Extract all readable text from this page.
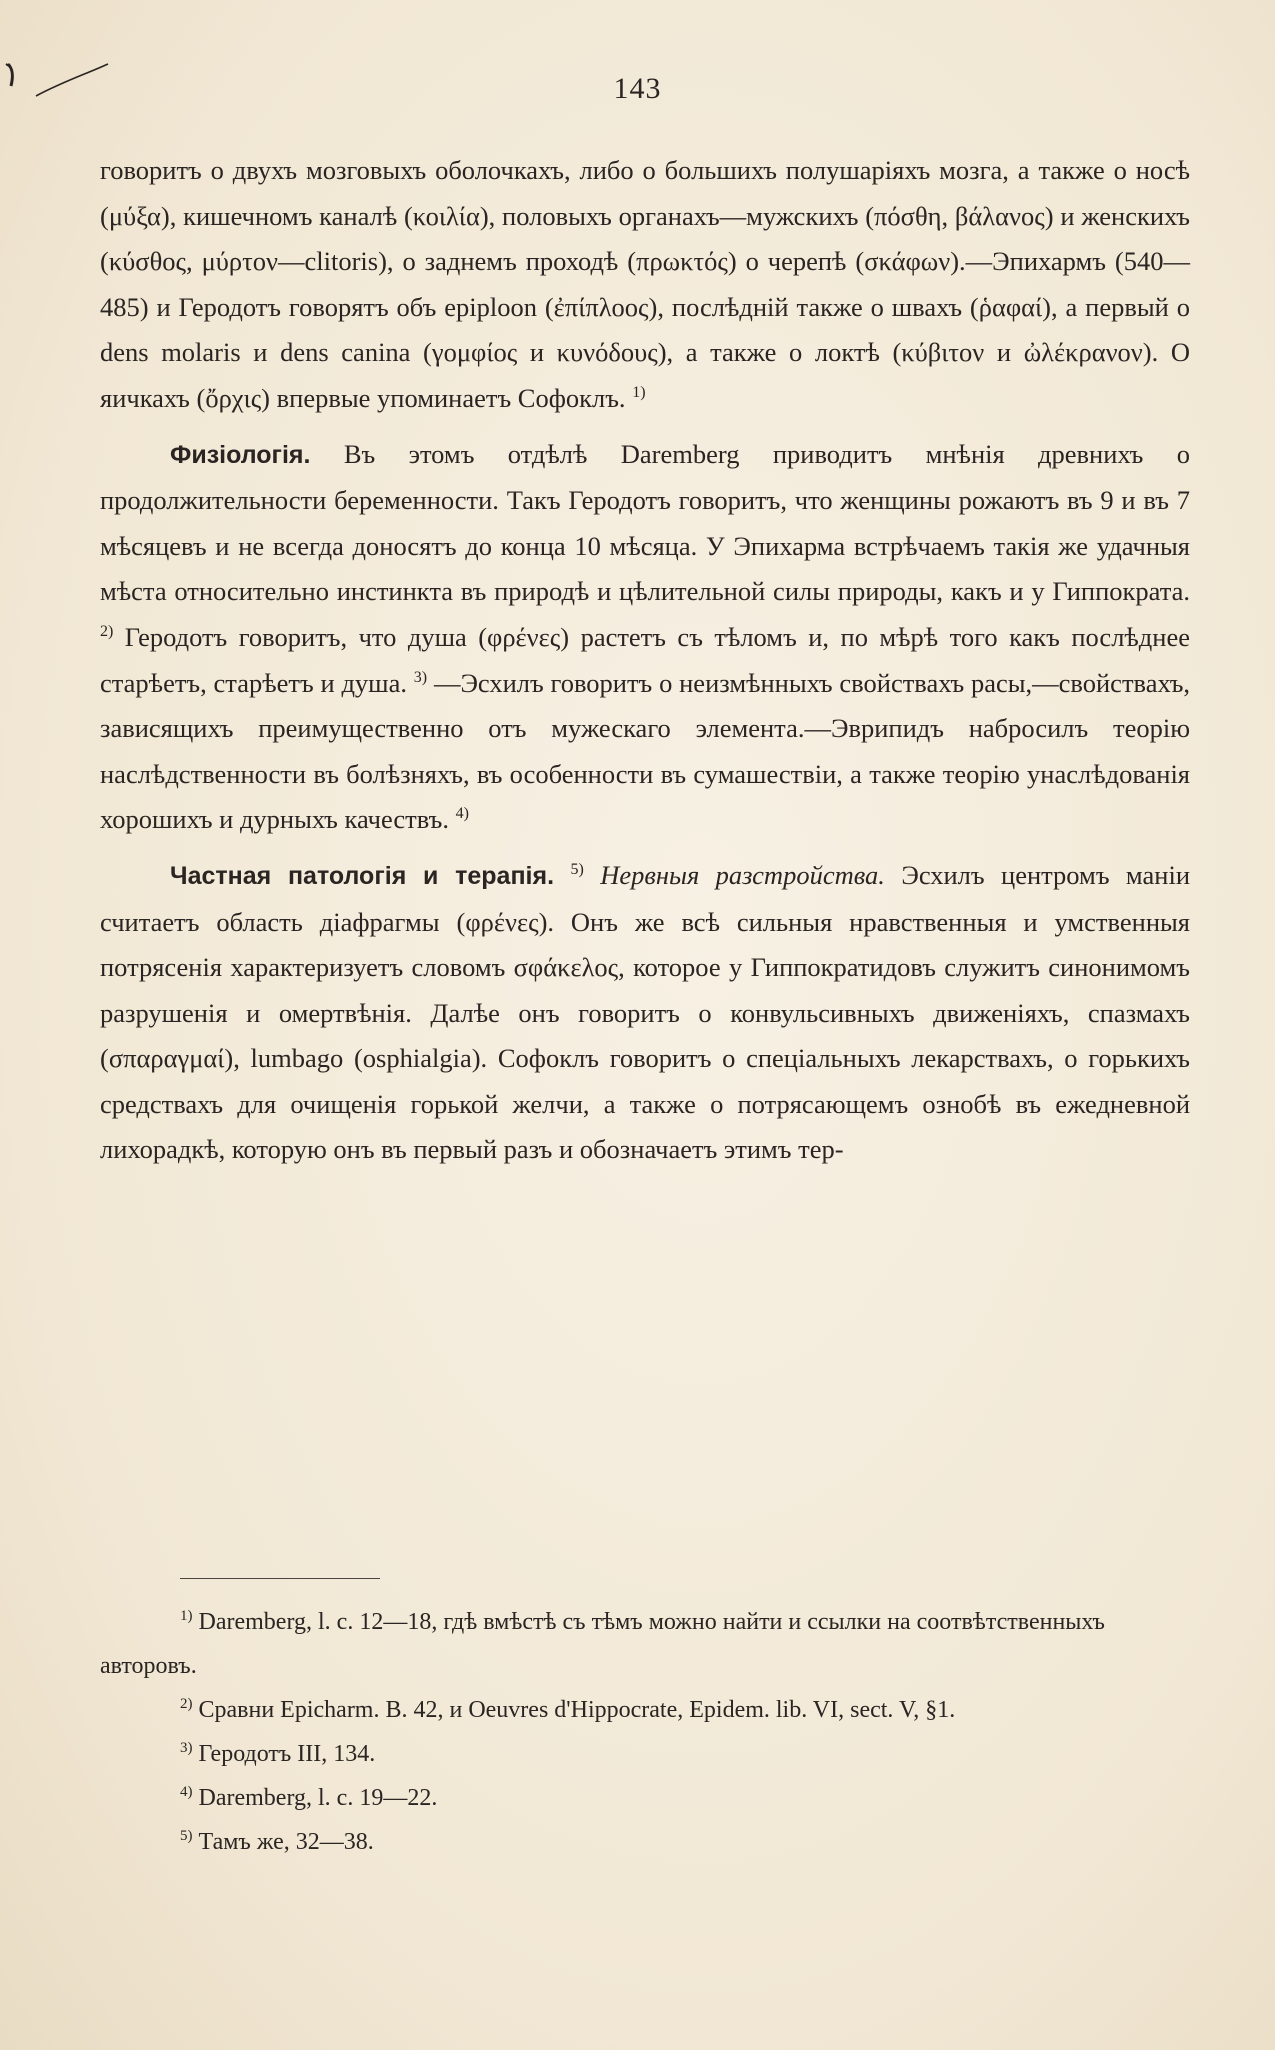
143

говоритъ о двухъ мозговыхъ оболочкахъ, либо о большихъ полушаріяхъ мозга, а также о носѣ (μύξα), кишечномъ каналѣ (κοιλία), половыхъ органахъ—мужскихъ (πόσθη, βάλανος) и женскихъ (κύσθος, μύρτον—clitoris), о заднемъ проходѣ (πρωκτός) о черепѣ (σκάφων).—Эпихармъ (540—485) и Геродотъ говорятъ объ epiploon (ἐπίπλοος), послѣдній также о швахъ (ῥαφαί), а первый о dens molaris и dens canina (γομφίος и κυνόδους), а также о локтѣ (κύβιτον и ὠλέκρανον). О яичкахъ (ὄρχις) впервые упоминаетъ Софоклъ. $^{1)}$

Физіологія. Въ этомъ отдѣлѣ Daremberg приводитъ мнѣнія древнихъ о продолжительности беременности. Такъ Геродотъ говоритъ, что женщины рожаютъ въ 9 и въ 7 мѣсяцевъ и не всегда доносятъ до конца 10 мѣсяца. У Эпихарма встрѣчаемъ такія же удачныя мѣста относительно инстинкта въ природѣ и цѣлительной силы природы, какъ и у Гиппократа. $^{2)}$ Геродотъ говоритъ, что душа (φρένες) растетъ съ тѣломъ и, по мѣрѣ того какъ послѣднее старѣетъ, старѣетъ и душа. $^{3)}$ —Эсхилъ говоритъ о неизмѣнныхъ свойствахъ расы,—свойствахъ, зависящихъ преимущественно отъ мужескаго элемента.—Эврипидъ набросилъ теорію наслѣдственности въ болѣзняхъ, въ особенности въ сумашествіи, а также теорію унаслѣдованія хорошихъ и дурныхъ качествъ. $^{4)}$

Частная патологія и терапія. $^{5)}$ Нервныя разстройства. Эсхилъ центромъ маніи считаетъ область діафрагмы (φρένες). Онъ же всѣ сильныя нравственныя и умственныя потрясенія характеризуетъ словомъ σφάκελος, которое у Гиппократидовъ служитъ синонимомъ разрушенія и омертвѣнія. Далѣе онъ говоритъ о конвульсивныхъ движеніяхъ, спазмахъ (σπαραγμαί), lumbago (osphialgia). Софоклъ говоритъ о спеціальныхъ лекарствахъ, о горькихъ средствахъ для очищенія горькой желчи, а также о потрясающемъ ознобѣ въ ежедневной лихорадкѣ, которую онъ въ первый разъ и обозначаетъ этимъ тер-

$^{1)}$ Daremberg, l. c. 12—18, гдѣ вмѣстѣ съ тѣмъ можно найти и ссылки на соотвѣтственныхъ авторовъ.

$^{2)}$ Сравни Epicharm. B. 42, и Oeuvres d'Hippocrate, Epidem. lib. VI, sect. V, §1.

$^{3)}$ Геродотъ III, 134.

$^{4)}$ Daremberg, l. c. 19—22.

$^{5)}$ Тамъ же, 32—38.
